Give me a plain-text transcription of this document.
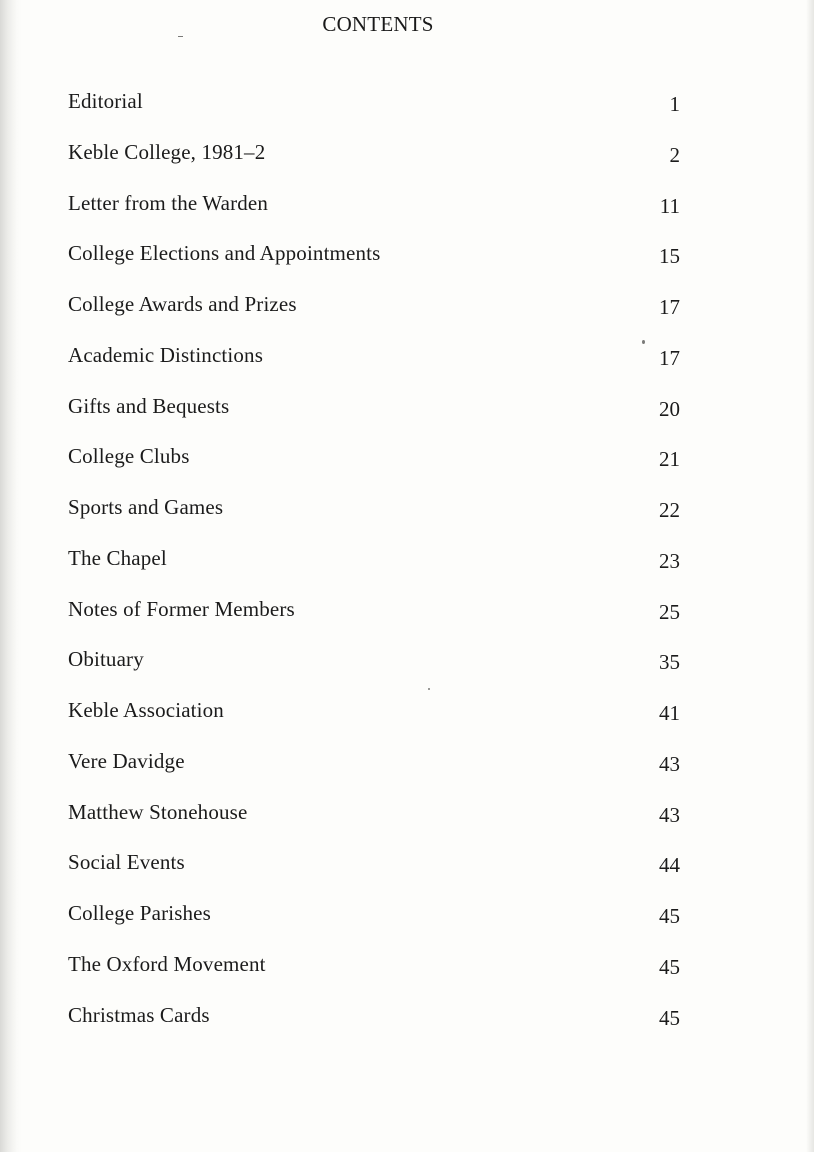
CONTENTS
Editorial	1
Keble College, 1981–2	2
Letter from the Warden	11
College Elections and Appointments	15
College Awards and Prizes	17
Academic Distinctions	17
Gifts and Bequests	20
College Clubs	21
Sports and Games	22
The Chapel	23
Notes of Former Members	25
Obituary	35
Keble Association	41
Vere Davidge	43
Matthew Stonehouse	43
Social Events	44
College Parishes	45
The Oxford Movement	45
Christmas Cards	45
